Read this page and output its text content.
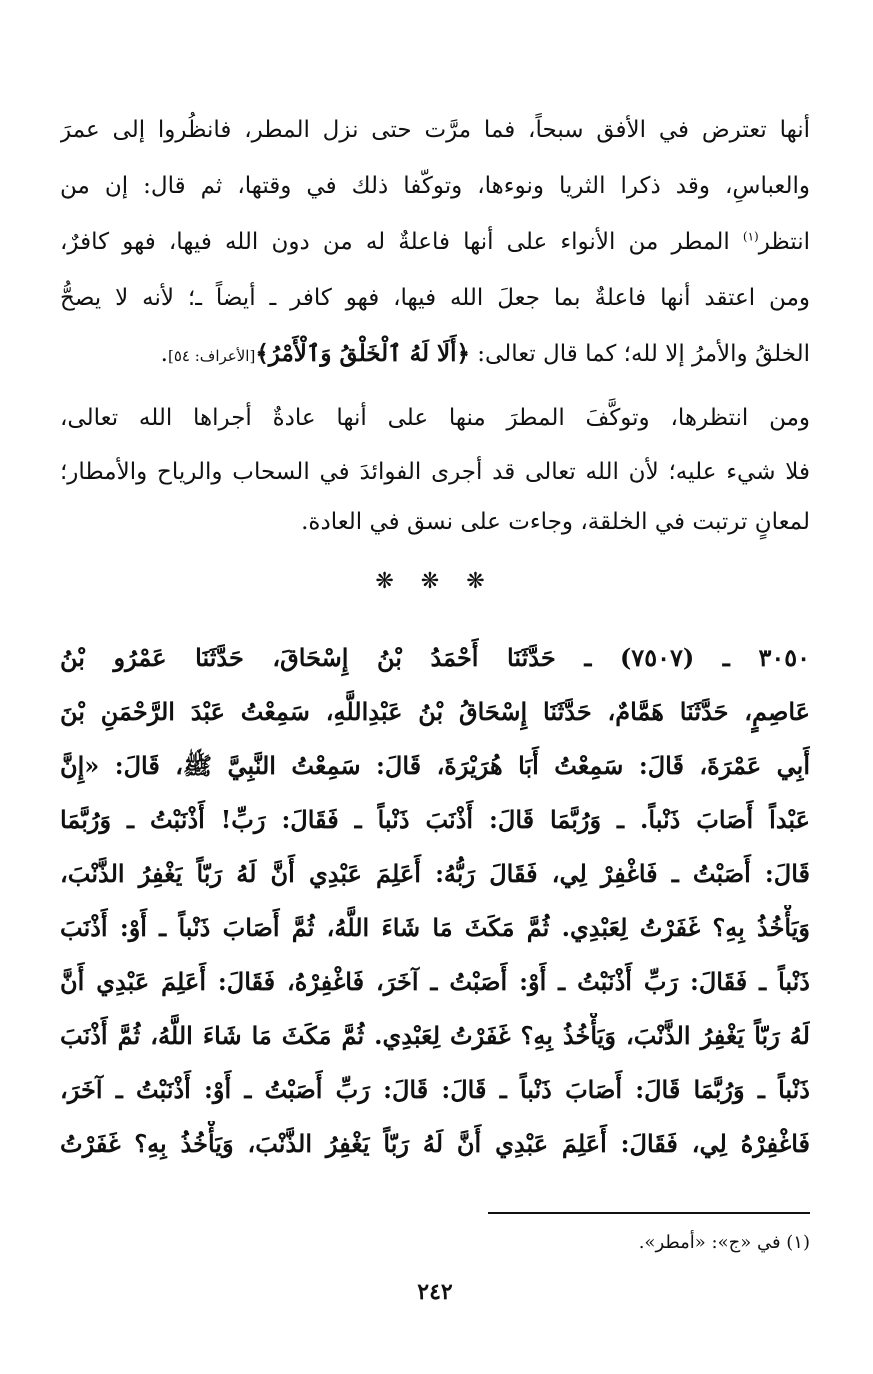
أنها تعترض في الأفق سبحاً، فما مرَّت حتى نزل المطر، فانظُروا إلى عمرَ
والعباسِ، وقد ذكرا الثريا ونوءها، وتوكّفا ذلك في وقتها، ثم قال: إن من
انتظر$^{(١)}$ المطر من الأنواء على أنها فاعلةٌ له من دون الله فيها، فهو كافرٌ،
ومن اعتقد أنها فاعلةٌ بما جعلَ الله فيها، فهو كافر ـ أيضاً ـ؛ لأنه لا يصحُّ
الخلقُ والأمرُ إلا لله؛ كما قال تعالى: ﴿أَلَا لَهُ ٱلْخَلْقُ وَٱلْأَمْرُ﴾[الأعراف: ٥٤].
ومن انتظرها، وتوكَّفَ المطرَ منها على أنها عادةٌ أجراها الله تعالى،
فلا شيء عليه؛ لأن الله تعالى قد أجرى الفوائدَ في السحاب والرياح والأمطار؛
لمعانٍ ترتبت في الخلقة، وجاءت على نسق في العادة.
❋ ❋ ❋
٣٠٥٠ ـ (٧٥٠٧) ـ حَدَّثَنَا أَحْمَدُ بْنُ إِسْحَاقَ، حَدَّثَنَا عَمْرُو بْنُ
عَاصِمٍ، حَدَّثَنَا هَمَّامٌ، حَدَّثَنَا إِسْحَاقُ بْنُ عَبْدِاللَّهِ، سَمِعْتُ عَبْدَ الرَّحْمَنِ بْنَ
أَبِي عَمْرَةَ، قَالَ: سَمِعْتُ أَبَا هُرَيْرَةَ، قَالَ: سَمِعْتُ النَّبِيَّ ﷺ، قَالَ: «إِنَّ
عَبْداً أَصَابَ ذَنْباً. ـ وَرُبَّمَا قَالَ: أَذْنَبَ ذَنْباً ـ فَقَالَ: رَبِّ! أَذْنَبْتُ ـ وَرُبَّمَا
قَالَ: أَصَبْتُ ـ فَاغْفِرْ لِي، فَقَالَ رَبُّهُ: أَعَلِمَ عَبْدِي أَنَّ لَهُ رَبّاً يَغْفِرُ الذَّنْبَ،
وَيَأْخُذُ بِهِ؟ غَفَرْتُ لِعَبْدِي. ثُمَّ مَكَثَ مَا شَاءَ اللَّهُ، ثُمَّ أَصَابَ ذَنْباً ـ أَوْ: أَذْنَبَ
ذَنْباً ـ فَقَالَ: رَبِّ أَذْنَبْتُ ـ أَوْ: أَصَبْتُ ـ آخَرَ، فَاغْفِرْهُ، فَقَالَ: أَعَلِمَ عَبْدِي أَنَّ
لَهُ رَبّاً يَغْفِرُ الذَّنْبَ، وَيَأْخُذُ بِهِ؟ غَفَرْتُ لِعَبْدِي. ثُمَّ مَكَثَ مَا شَاءَ اللَّهُ، ثُمَّ أَذْنَبَ
ذَنْباً ـ وَرُبَّمَا قَالَ: أَصَابَ ذَنْباً ـ قَالَ: قَالَ: رَبِّ أَصَبْتُ ـ أَوْ: أَذْنَبْتُ ـ آخَرَ،
فَاغْفِرْهُ لِي، فَقَالَ: أَعَلِمَ عَبْدِي أَنَّ لَهُ رَبّاً يَغْفِرُ الذَّنْبَ، وَيَأْخُذُ بِهِ؟ غَفَرْتُ
(١) في «ج»: «أمطر».
٢٤٢
